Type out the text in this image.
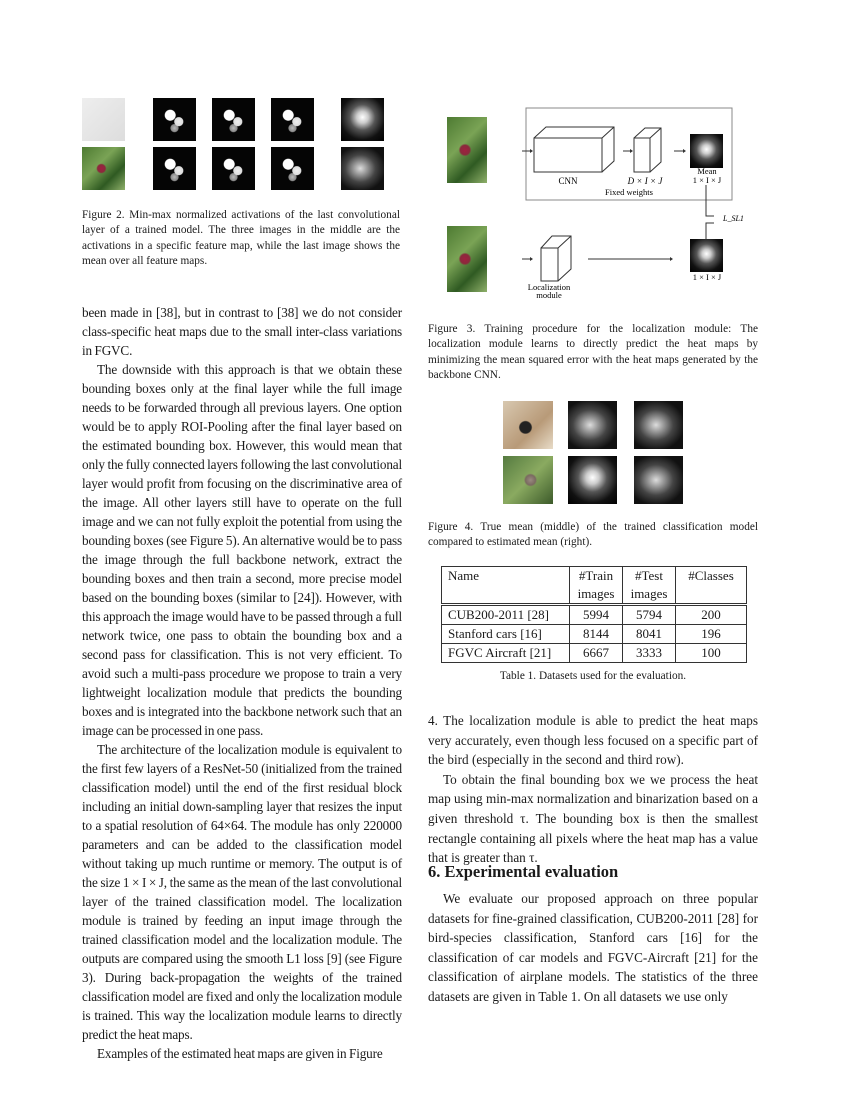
Figure 2. Min-max normalized activations of the last convolutional layer of a trained model. The three images in the middle are the activations in a specific feature map, while the last image shows the mean over all feature maps.

been made in [38], but in contrast to [38] we do not consider class-specific heat maps due to the small inter-class variations in FGVC.

The downside with this approach is that we obtain these bounding boxes only at the final layer while the full image needs to be forwarded through all previous layers. One option would be to apply ROI-Pooling after the final layer based on the estimated bounding box. However, this would mean that only the fully connected layers following the last convolutional layer would profit from focusing on the discriminative area of the image. All other layers still have to operate on the full image and we can not fully exploit the potential from using the bounding boxes (see Figure 5). An alternative would be to pass the image through the full backbone network, extract the bounding boxes and then train a second, more precise model based on the bounding boxes (similar to [24]). However, with this approach the image would have to be passed through a full network twice, one pass to obtain the bounding box and a second pass for classification. This is not very efficient. To avoid such a multi-pass procedure we propose to train a very lightweight localization module that predicts the bounding boxes and is integrated into the backbone network such that an image can be processed in one pass.

The architecture of the localization module is equivalent to the first few layers of a ResNet-50 (initialized from the trained classification model) until the end of the first residual block including an initial down-sampling layer that resizes the input to a spatial resolution of 64×64. The module has only 220000 parameters and can be added to the classification model without taking up much runtime or memory. The output is of the size 1 × I × J, the same as the mean of the last convolutional layer of the trained classification model. The localization module is trained by feeding an input image through the trained classification model and the localization module. The outputs are compared using the smooth L1 loss [9] (see Figure 3). During back-propagation the weights of the trained classification model are fixed and only the localization module is trained. This way the localization module learns to directly predict the heat maps.

Examples of the estimated heat maps are given in Figure

CNN	D × I × J
Mean
1 × I × J
Fixed weights
L_SL1
Localization
module
1 × I × J
Figure 3. Training procedure for the localization module: The localization module learns to directly predict the heat maps by minimizing the mean squared error with the heat maps generated by the backbone CNN.
Figure 4. True mean (middle) of the trained classification model compared to estimated mean (right).
Name	#Train images	#Test images	#Classes
CUB200-2011 [28]	5994	5794	200
Stanford cars [16]	8144	8041	196
FGVC Aircraft [21]	6667	3333	100
Table 1. Datasets used for the evaluation.

4. The localization module is able to predict the heat maps very accurately, even though less focused on a specific part of the bird (especially in the second and third row).

To obtain the final bounding box we we process the heat map using min-max normalization and binarization based on a given threshold τ. The bounding box is then the smallest rectangle containing all pixels where the heat map has a value that is greater than τ.

6. Experimental evaluation

We evaluate our proposed approach on three popular datasets for fine-grained classification, CUB200-2011 [28] for bird-species classification, Stanford cars [16] for the classification of car models and FGVC-Aircraft [21] for the classification of airplane models. The statistics of the three datasets are given in Table 1. On all datasets we use only
